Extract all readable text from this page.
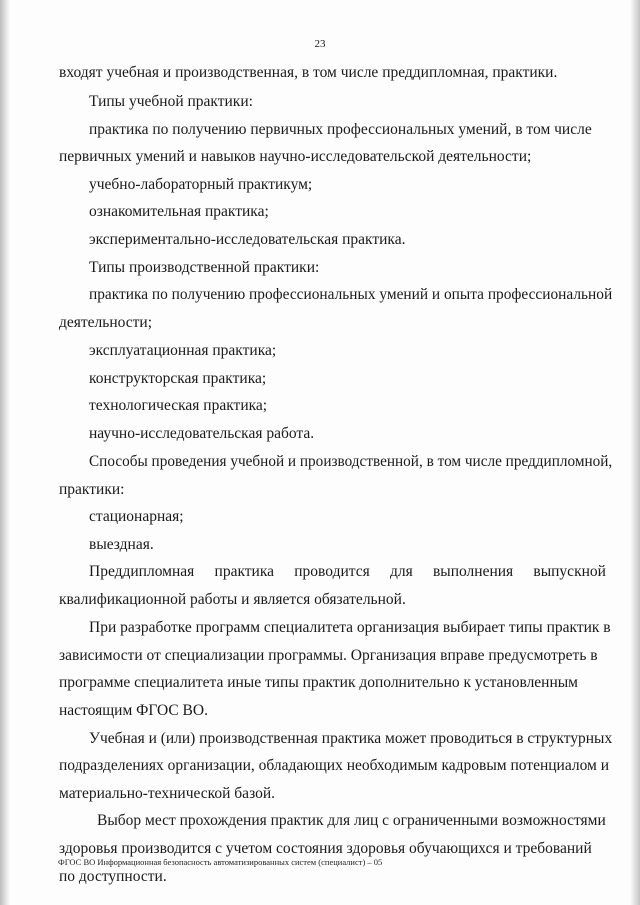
23
входят учебная и производственная, в том числе преддипломная, практики.
Типы учебной практики:
практика по получению первичных профессиональных умений, в том числе
первичных умений и навыков научно-исследовательской деятельности;
учебно-лабораторный практикум;
ознакомительная практика;
экспериментально-исследовательская практика.
Типы производственной практики:
практика по получению профессиональных умений и опыта профессиональной
деятельности;
эксплуатационная практика;
конструкторская практика;
технологическая практика;
научно-исследовательская работа.
Способы проведения учебной и производственной, в том числе преддипломной,
практики:
стационарная;
выездная.
Преддипломная практика проводится для выполнения выпускной
квалификационной работы и является обязательной.
При разработке программ специалитета организация выбирает типы практик в
зависимости от специализации программы. Организация вправе предусмотреть в
программе специалитета иные типы практик дополнительно к установленным
настоящим ФГОС ВО.
Учебная и (или) производственная практика может проводиться в структурных
подразделениях организации, обладающих необходимым кадровым потенциалом и
материально-технической базой.
Выбор мест прохождения практик для лиц с ограниченными возможностями
здоровья производится с учетом состояния здоровья обучающихся и требований
по доступности.
ФГОС ВО Информационная безопасность автоматизированных систем (специалист) – 05
